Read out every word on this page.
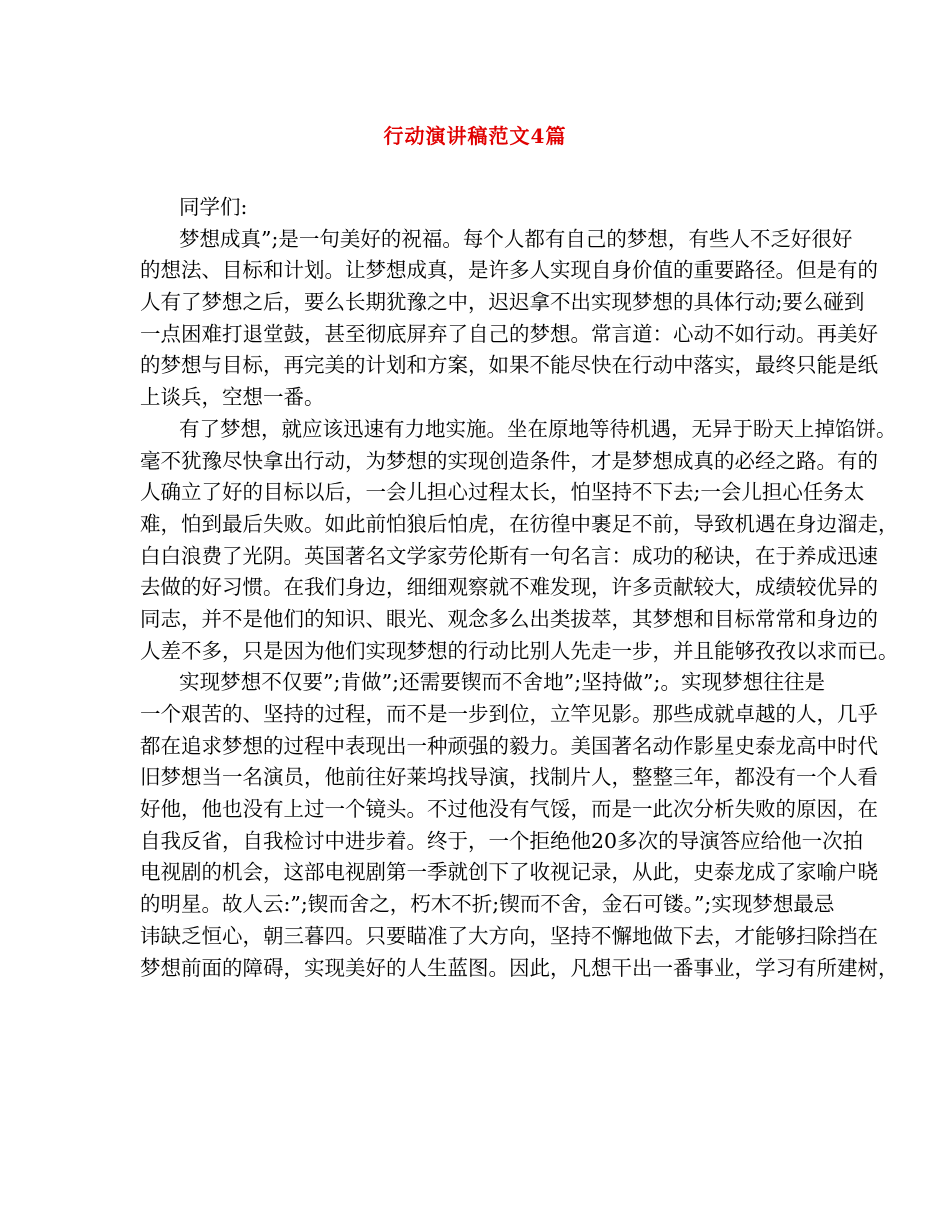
行动演讲稿范文4篇
同学们:
梦想成真”;是一句美好的祝福。每个人都有自己的梦想，有些人不乏好很好
的想法、目标和计划。让梦想成真，是许多人实现自身价值的重要路径。但是有的
人有了梦想之后，要么长期犹豫之中，迟迟拿不出实现梦想的具体行动;要么碰到
一点困难打退堂鼓，甚至彻底屏弃了自己的梦想。常言道：心动不如行动。再美好
的梦想与目标，再完美的计划和方案，如果不能尽快在行动中落实，最终只能是纸
上谈兵，空想一番。
有了梦想，就应该迅速有力地实施。坐在原地等待机遇，无异于盼天上掉馅饼。
毫不犹豫尽快拿出行动，为梦想的实现创造条件，才是梦想成真的必经之路。有的
人确立了好的目标以后，一会儿担心过程太长，怕坚持不下去;一会儿担心任务太
难，怕到最后失败。如此前怕狼后怕虎，在彷徨中裹足不前，导致机遇在身边溜走，
白白浪费了光阴。英国著名文学家劳伦斯有一句名言：成功的秘诀，在于养成迅速
去做的好习惯。在我们身边，细细观察就不难发现，许多贡献较大，成绩较优异的
同志，并不是他们的知识、眼光、观念多么出类拔萃，其梦想和目标常常和身边的
人差不多，只是因为他们实现梦想的行动比别人先走一步，并且能够孜孜以求而已。
实现梦想不仅要”;肯做”;还需要锲而不舍地”;坚持做”;。实现梦想往往是
一个艰苦的、坚持的过程，而不是一步到位，立竿见影。那些成就卓越的人，几乎
都在追求梦想的过程中表现出一种顽强的毅力。美国著名动作影星史泰龙高中时代
旧梦想当一名演员，他前往好莱坞找导演，找制片人，整整三年，都没有一个人看
好他，他也没有上过一个镜头。不过他没有气馁，而是一此次分析失败的原因，在
自我反省，自我检讨中进步着。终于，一个拒绝他20多次的导演答应给他一次拍
电视剧的机会，这部电视剧第一季就创下了收视记录，从此，史泰龙成了家喻户晓
的明星。故人云:”;锲而舍之，朽木不折;锲而不舍，金石可镂。”;实现梦想最忌
讳缺乏恒心，朝三暮四。只要瞄准了大方向，坚持不懈地做下去，才能够扫除挡在
梦想前面的障碍，实现美好的人生蓝图。因此，凡想干出一番事业，学习有所建树，
